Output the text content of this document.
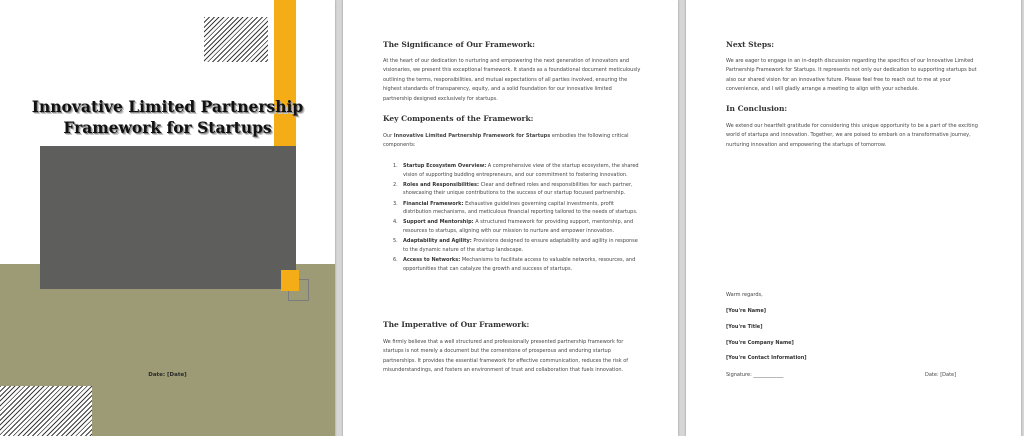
Innovative Limited Partnership
Framework for Startups

Date: [Date]

The Significance of Our Framework:

At the heart of our dedication to nurturing and empowering the next generation of innovators and visionaries, we present this exceptional framework. It stands as a foundational document meticulously outlining the terms, responsibilities, and mutual expectations of all parties involved, ensuring the highest standards of transparency, equity, and a solid foundation for our innovative limited partnership designed exclusively for startups.

Key Components of the Framework:

Our Innovative Limited Partnership Framework for Startups embodies the following critical components:

1. Startup Ecosystem Overview: A comprehensive view of the startup ecosystem, the shared vision of supporting budding entrepreneurs, and our commitment to fostering innovation.
2. Roles and Responsibilities: Clear and defined roles and responsibilities for each partner, showcasing their unique contributions to the success of our startup focused partnership.
3. Financial Framework: Exhaustive guidelines governing capital investments, profit distribution mechanisms, and meticulous financial reporting tailored to the needs of startups.
4. Support and Mentorship: A structured framework for providing support, mentorship, and resources to startups, aligning with our mission to nurture and empower innovation.
5. Adaptability and Agility: Provisions designed to ensure adaptability and agility in response to the dynamic nature of the startup landscape.
6. Access to Networks: Mechanisms to facilitate access to valuable networks, resources, and opportunities that can catalyze the growth and success of startups.
The Imperative of Our Framework:

We firmly believe that a well structured and professionally presented partnership framework for startups is not merely a document but the cornerstone of prosperous and enduring startup partnerships. It provides the essential framework for effective communication, reduces the risk of misunderstandings, and fosters an environment of trust and collaboration that fuels innovation.

Next Steps:

We are eager to engage in an in-depth discussion regarding the specifics of our Innovative Limited Partnership Framework for Startups. It represents not only our dedication to supporting startups but also our shared vision for an innovative future. Please feel free to reach out to me at your convenience, and I will gladly arrange a meeting to align with your schedule.

In Conclusion:

We extend our heartfelt gratitude for considering this unique opportunity to be a part of the exciting world of startups and innovation. Together, we are poised to embark on a transformative journey, nurturing innovation and empowering the startups of tomorrow.

Warm regards,

[You're Name]

[You're Title]

[You're Company Name]

[You're Contact Information]

Signature: ____________	Date: [Date]
